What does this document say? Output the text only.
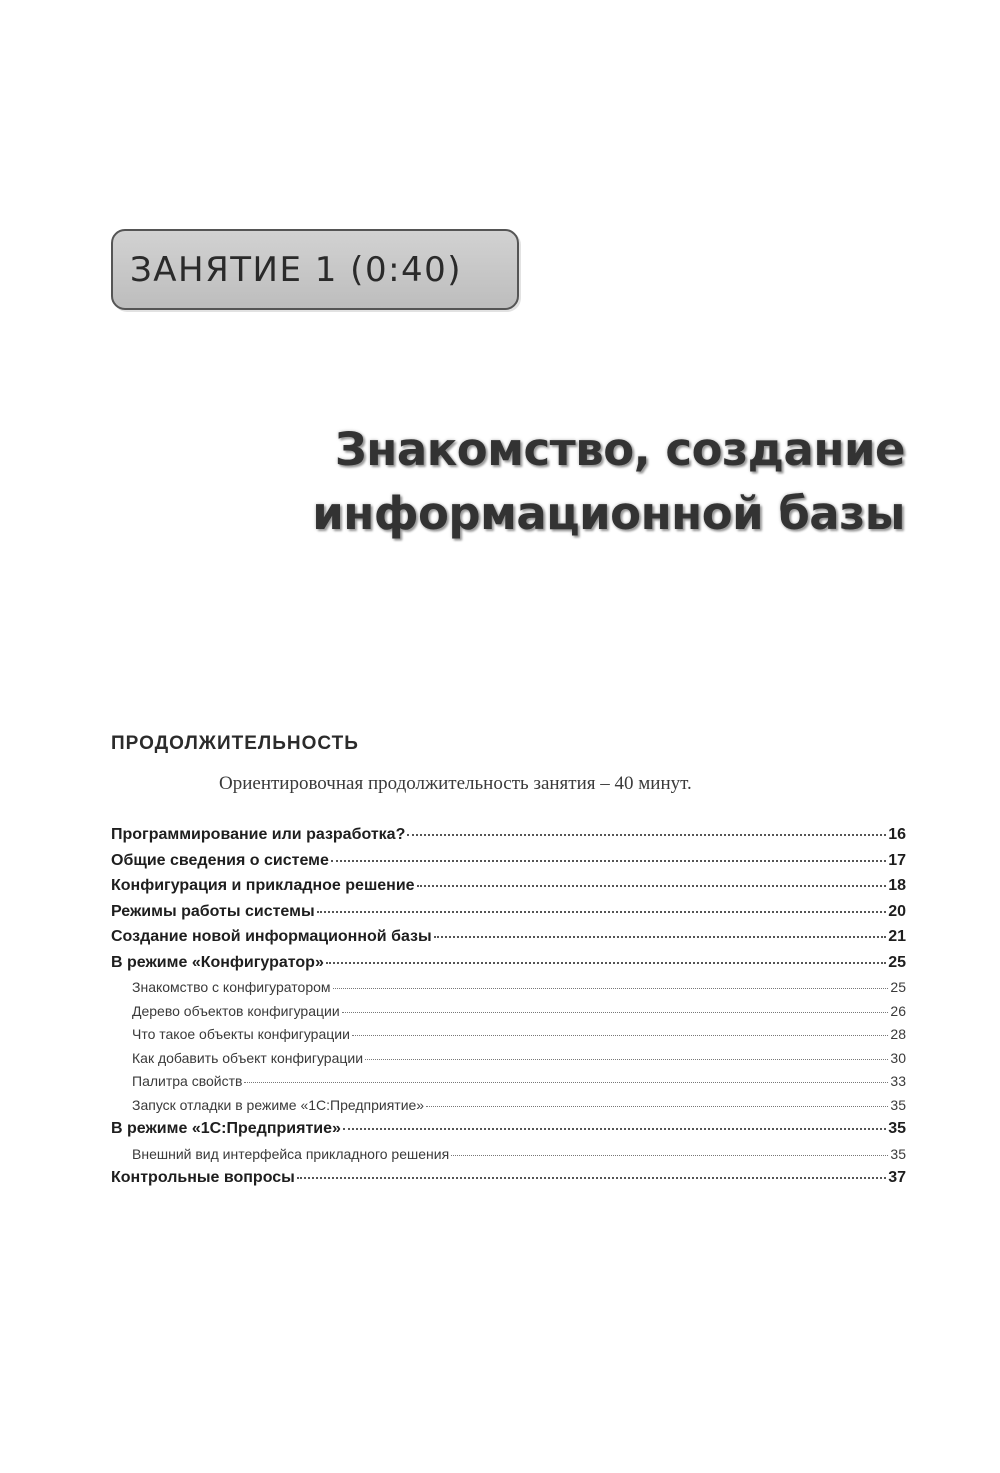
ЗАНЯТИЕ 1 (0:40)
Знакомство, создание
информационной базы
ПРОДОЛЖИТЕЛЬНОСТЬ
Ориентировочная продолжительность занятия – 40 минут.
Программирование или разработка?	16
Общие сведения о системе	17
Конфигурация и прикладное решение	18
Режимы работы системы	20
Создание новой информационной базы	21
В режиме «Конфигуратор»	25
Знакомство с конфигуратором	25
Дерево объектов конфигурации	26
Что такое объекты конфигурации	28
Как добавить объект конфигурации	30
Палитра свойств	33
Запуск отладки в режиме «1С:Предприятие»	35
В режиме «1С:Предприятие»	35
Внешний вид интерфейса прикладного решения	35
Контрольные вопросы	37
